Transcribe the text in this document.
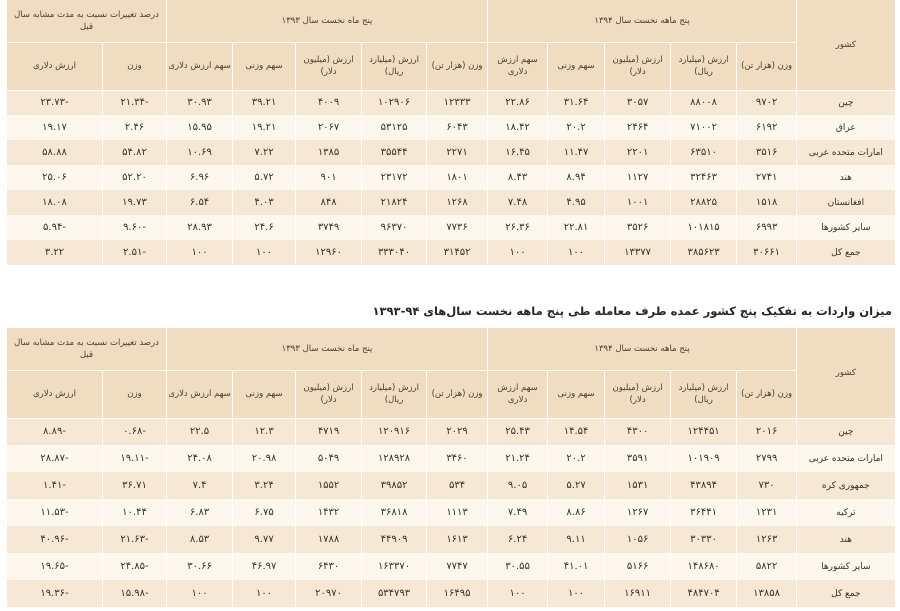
کشور	پنج ماهه نخست سال ۱۳۹۴					پنج ماه نخست سال ۱۳۹۳					درصد تغییرات نسبت به مدت مشابه سال قبل	
	وزن (هزار تن)	ارزش (میلیارد ریال)	ارزش (میلیون دلار)	سهم وزنی	سهم ارزش دلاری	وزن (هزار تن)	ارزش (میلیارد ریال)	ارزش (میلیون دلار)	سهم وزنی	سهم ارزش دلاری	وزن	ارزش دلاری
چین	۹۷۰۲	۸۸۰۰۸	۳۰۵۷	۳۱.۶۴	۲۲.۸۶	۱۲۳۳۳	۱۰۲۹۰۶	۴۰۰۹	۳۹.۲۱	۳۰.۹۳	-۲۱.۳۴	-۲۳.۷۳
عراق	۶۱۹۲	۷۱۰۰۲	۲۴۶۴	۲۰.۲	۱۸.۴۲	۶۰۴۳	۵۳۱۲۵	۲۰۶۷	۱۹.۲۱	۱۵.۹۵	۲.۴۶	۱۹.۱۷
امارات متحده عربی	۳۵۱۶	۶۳۵۱۰	۲۲۰۱	۱۱.۴۷	۱۶.۴۵	۲۲۷۱	۳۵۵۴۴	۱۳۸۵	۷.۲۲	۱۰.۶۹	۵۴.۸۲	۵۸.۸۸
هند	۲۷۴۱	۳۲۴۶۳	۱۱۲۷	۸.۹۴	۸.۴۳	۱۸۰۱	۲۳۱۷۲	۹۰۱	۵.۷۲	۶.۹۶	۵۲.۲۰	۲۵.۰۶
افغانستان	۱۵۱۸	۲۸۸۲۵	۱۰۰۱	۴.۹۵	۷.۴۸	۱۲۶۸	۲۱۸۲۴	۸۴۸	۴.۰۳	۶.۵۴	۱۹.۷۳	۱۸.۰۸
سایر کشورها	۶۹۹۳	۱۰۱۸۱۵	۳۵۲۶	۲۲.۸۱	۲۶.۳۶	۷۷۳۶	۹۶۳۷۰	۳۷۴۹	۲۴.۶	۲۸.۹۳	-۹.۶۰	-۵.۹۴
جمع کل	۳۰۶۶۱	۳۸۵۶۲۳	۱۳۳۷۷	۱۰۰	۱۰۰	۳۱۴۵۲	۳۳۳۰۴۰	۱۲۹۶۰	۱۰۰	۱۰۰	-۲.۵۱	۳.۲۲
میزان واردات به تفکیک پنج کشور عمده طرف معامله طی پنج ماهه نخست سال‌های ۹۴-۱۳۹۳
کشور	پنج ماهه نخست سال ۱۳۹۴					پنج ماه نخست سال ۱۳۹۳					درصد تغییرات نسبت به مدت مشابه سال قبل	
	وزن (هزار تن)	ارزش (میلیارد ریال)	ارزش (میلیون دلار)	سهم وزنی	سهم ارزش دلاری	وزن (هزار تن)	ارزش (میلیارد ریال)	ارزش (میلیون دلار)	سهم وزنی	سهم ارزش دلاری	وزن	ارزش دلاری
چین	۲۰۱۶	۱۲۴۴۵۱	۴۳۰۰	۱۴.۵۴	۲۵.۴۳	۲۰۲۹	۱۲۰۹۱۶	۴۷۱۹	۱۲.۳	۲۲.۵	-۰.۶۸	-۸.۸۹
امارات متحده عربی	۲۷۹۹	۱۰۱۹۰۹	۳۵۹۱	۲۰.۲	۲۱.۲۴	۳۴۶۰	۱۲۸۹۲۸	۵۰۴۹	۲۰.۹۸	۲۴.۰۸	-۱۹.۱۱	-۲۸.۸۷
جمهوری کره	۷۳۰	۴۳۸۹۴	۱۵۳۱	۵.۲۷	۹.۰۵	۵۳۴	۳۹۸۵۲	۱۵۵۲	۳.۲۴	۷.۴	۳۶.۷۱	-۱.۴۱
ترکیه	۱۲۳۱	۳۶۴۴۱	۱۲۶۷	۸.۸۶	۷.۴۹	۱۱۱۳	۳۶۸۱۸	۱۴۳۲	۶.۷۵	۶.۸۳	۱۰.۴۴	-۱۱.۵۳
هند	۱۲۶۳	۳۰۳۳۰	۱۰۵۶	۹.۱۱	۶.۲۴	۱۶۱۳	۴۴۹۰۹	۱۷۸۸	۹.۷۷	۸.۵۳	-۲۱.۶۳	-۴۰.۹۶
سایر کشورها	۵۸۲۲	۱۴۸۶۸۰	۵۱۶۶	۴۱.۰۱	۳۰.۵۵	۷۷۴۷	۱۶۳۳۷۰	۶۴۳۰	۴۶.۹۷	۳۰.۶۶	-۲۴.۸۵	-۱۹.۶۵
جمع کل	۱۳۸۵۸	۴۸۴۷۰۴	۱۶۹۱۱	۱۰۰	۱۰۰	۱۶۴۹۵	۵۳۴۷۹۳	۲۰۹۷۰	۱۰۰	۱۰۰	-۱۵.۹۸	-۱۹.۳۶
